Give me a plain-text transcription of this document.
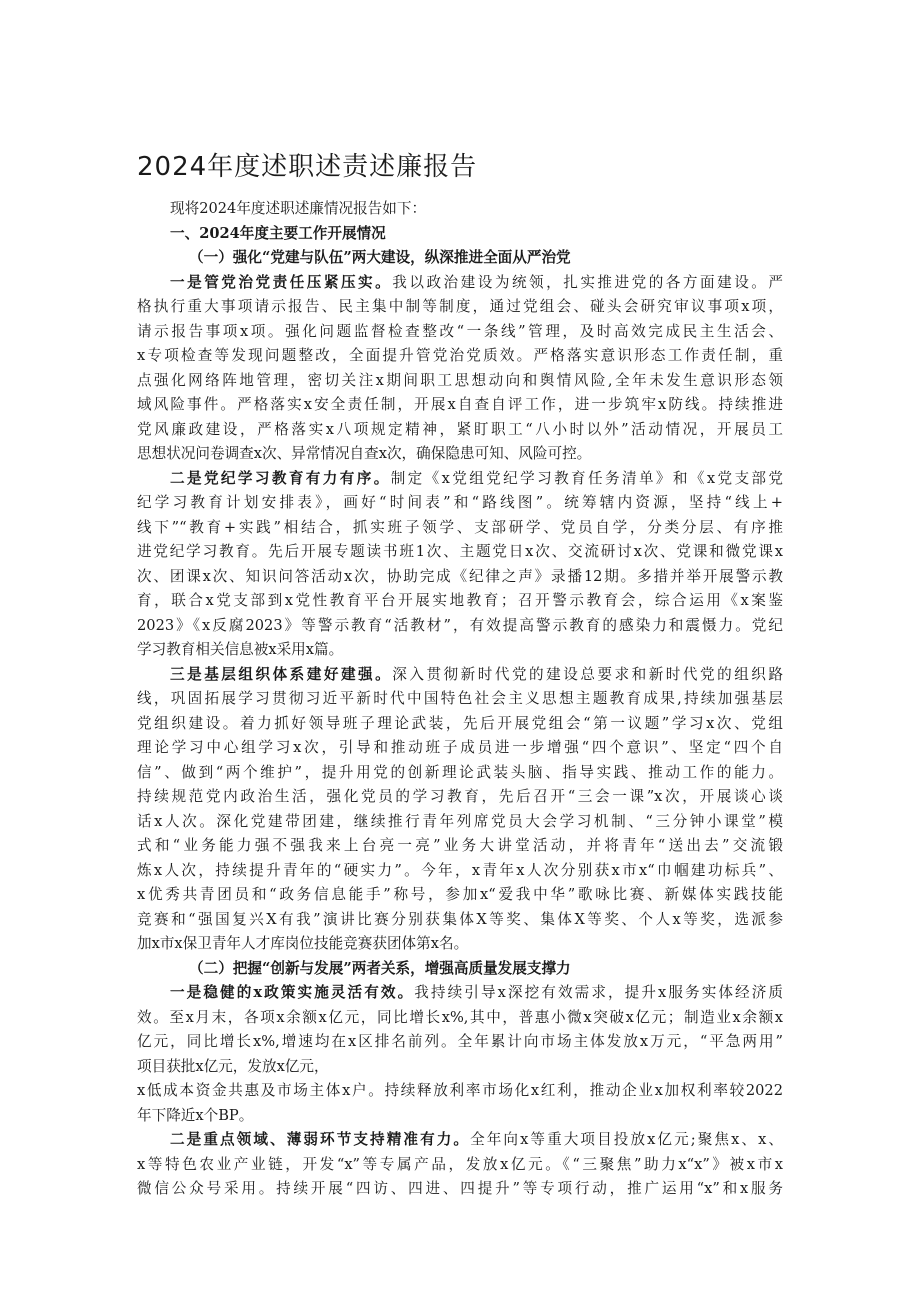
2024年度述职述责述廉报告
现将2024年度述职述廉情况报告如下：
一、2024年度主要工作开展情况
（一）强化“党建与队伍”两大建设，纵深推进全面从严治党
一是管党治党责任压紧压实。我以政治建设为统领，扎实推进党的各方面建设。严
格执行重大事项请示报告、民主集中制等制度，通过党组会、碰头会研究审议事项x项，
请示报告事项x项。强化问题监督检查整改“一条线”管理，及时高效完成民主生活会、
x专项检查等发现问题整改，全面提升管党治党质效。严格落实意识形态工作责任制，重
点强化网络阵地管理，密切关注x期间职工思想动向和舆情风险,全年未发生意识形态领
域风险事件。严格落实x安全责任制，开展x自查自评工作，进一步筑牢x防线。持续推进
党风廉政建设，严格落实x八项规定精神，紧盯职工“八小时以外”活动情况，开展员工
思想状况问卷调查x次、异常情况自查x次，确保隐患可知、风险可控。
二是党纪学习教育有力有序。制定《x党组党纪学习教育任务清单》和《x党支部党
纪学习教育计划安排表》，画好“时间表”和“路线图”。统筹辖内资源，坚持“线上+
线下”“教育+实践”相结合，抓实班子领学、支部研学、党员自学，分类分层、有序推
进党纪学习教育。先后开展专题读书班1次、主题党日x次、交流研讨x次、党课和微党课x
次、团课x次、知识问答活动x次，协助完成《纪律之声》录播12期。多措并举开展警示教
育，联合x党支部到x党性教育平台开展实地教育；召开警示教育会，综合运用《x案鉴
2023》《x反腐2023》等警示教育“活教材”，有效提高警示教育的感染力和震慑力。党纪
学习教育相关信息被x采用x篇。
三是基层组织体系建好建强。深入贯彻新时代党的建设总要求和新时代党的组织路
线，巩固拓展学习贯彻习近平新时代中国特色社会主义思想主题教育成果,持续加强基层
党组织建设。着力抓好领导班子理论武装，先后开展党组会“第一议题”学习x次、党组
理论学习中心组学习x次，引导和推动班子成员进一步增强“四个意识”、坚定“四个自
信”、做到“两个维护”，提升用党的创新理论武装头脑、指导实践、推动工作的能力。
持续规范党内政治生活，强化党员的学习教育，先后召开“三会一课”x次，开展谈心谈
话x人次。深化党建带团建，继续推行青年列席党员大会学习机制、“三分钟小课堂”模
式和“业务能力强不强我来上台亮一亮”业务大讲堂活动，并将青年“送出去”交流锻
炼x人次，持续提升青年的“硬实力”。今年，x青年x人次分别获x市x“巾帼建功标兵”、
x优秀共青团员和“政务信息能手”称号，参加x“爱我中华”歌咏比赛、新媒体实践技能
竞赛和“强国复兴X有我”演讲比赛分别获集体X等奖、集体X等奖、个人x等奖，选派参
加x市x保卫青年人才库岗位技能竞赛获团体第x名。
（二）把握“创新与发展”两者关系，增强高质量发展支撑力
一是稳健的x政策实施灵活有效。我持续引导x深挖有效需求，提升x服务实体经济质
效。至x月末，各项x余额x亿元，同比增长x%,其中，普惠小微x突破x亿元；制造业x余额x
亿元，同比增长x%,增速均在x区排名前列。全年累计向市场主体发放x万元，“平急两用”
项目获批x亿元，发放x亿元，
x低成本资金共惠及市场主体x户。持续释放利率市场化x红利，推动企业x加权利率较2022
年下降近x个BP。
二是重点领域、薄弱环节支持精准有力。全年向x等重大项目投放x亿元;聚焦x、x、
x等特色农业产业链，开发“x”等专属产品，发放x亿元。《“三聚焦”助力x“x”》被x市x
微信公众号采用。持续开展“四访、四进、四提升”等专项行动，推广运用“x”和x服务
